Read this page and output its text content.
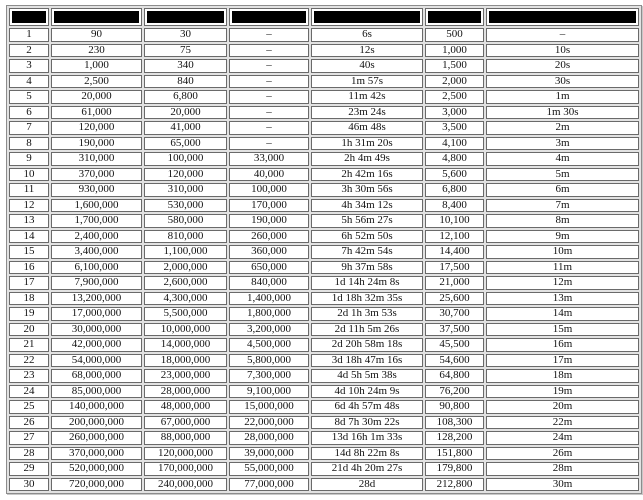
1	90	30	–	6s	500	–
2	230	75	–	12s	1,000	10s
3	1,000	340	–	40s	1,500	20s
4	2,500	840	–	1m 57s	2,000	30s
5	20,000	6,800	–	11m 42s	2,500	1m
6	61,000	20,000	–	23m 24s	3,000	1m 30s
7	120,000	41,000	–	46m 48s	3,500	2m
8	190,000	65,000	–	1h 31m 20s	4,100	3m
9	310,000	100,000	33,000	2h 4m 49s	4,800	4m
10	370,000	120,000	40,000	2h 42m 16s	5,600	5m
11	930,000	310,000	100,000	3h 30m 56s	6,800	6m
12	1,600,000	530,000	170,000	4h 34m 12s	8,400	7m
13	1,700,000	580,000	190,000	5h 56m 27s	10,100	8m
14	2,400,000	810,000	260,000	6h 52m 50s	12,100	9m
15	3,400,000	1,100,000	360,000	7h 42m 54s	14,400	10m
16	6,100,000	2,000,000	650,000	9h 37m 58s	17,500	11m
17	7,900,000	2,600,000	840,000	1d 14h 24m 8s	21,000	12m
18	13,200,000	4,300,000	1,400,000	1d 18h 32m 35s	25,600	13m
19	17,000,000	5,500,000	1,800,000	2d 1h 3m 53s	30,700	14m
20	30,000,000	10,000,000	3,200,000	2d 11h 5m 26s	37,500	15m
21	42,000,000	14,000,000	4,500,000	2d 20h 58m 18s	45,500	16m
22	54,000,000	18,000,000	5,800,000	3d 18h 47m 16s	54,600	17m
23	68,000,000	23,000,000	7,300,000	4d 5h 5m 38s	64,800	18m
24	85,000,000	28,000,000	9,100,000	4d 10h 24m 9s	76,200	19m
25	140,000,000	48,000,000	15,000,000	6d 4h 57m 48s	90,800	20m
26	200,000,000	67,000,000	22,000,000	8d 7h 30m 22s	108,300	22m
27	260,000,000	88,000,000	28,000,000	13d 16h 1m 33s	128,200	24m
28	370,000,000	120,000,000	39,000,000	14d 8h 22m 8s	151,800	26m
29	520,000,000	170,000,000	55,000,000	21d 4h 20m 27s	179,800	28m
30	720,000,000	240,000,000	77,000,000	28d	212,800	30m
